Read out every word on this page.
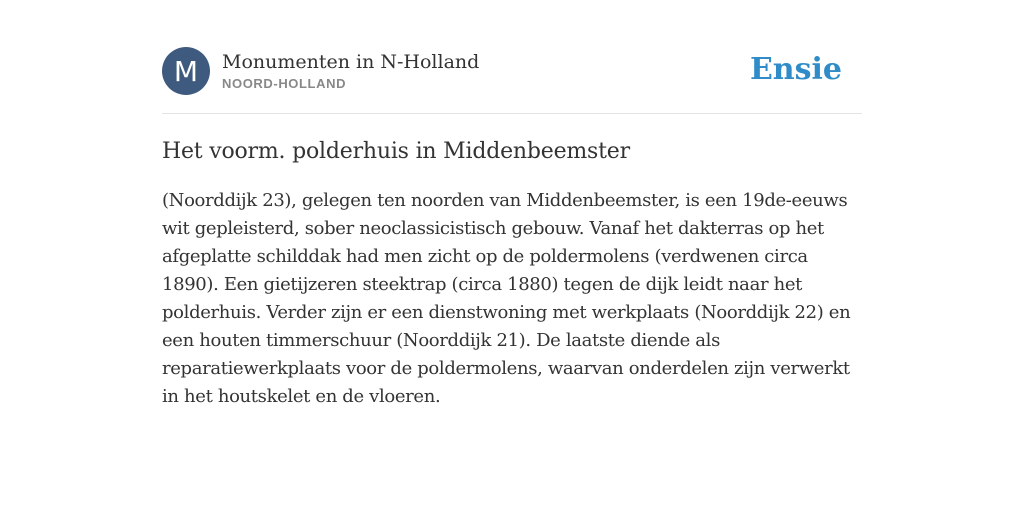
M	Monumenten in N-Holland
NOORD-HOLLAND	Ensie
Het voorm. polderhuis in Middenbeemster
(Noorddijk 23), gelegen ten noorden van Middenbeemster, is een 19de-eeuws wit gepleisterd, sober neoclassicistisch gebouw. Vanaf het dakterras op het afgeplatte schilddak had men zicht op de poldermolens (verdwenen circa 1890). Een gietijzeren steektrap (circa 1880) tegen de dijk leidt naar het polderhuis. Verder zijn er een dienstwoning met werkplaats (Noorddijk 22) en een houten timmerschuur (Noorddijk 21). De laatste diende als reparatiewerkplaats voor de poldermolens, waarvan onderdelen zijn verwerkt in het houtskelet en de vloeren.
